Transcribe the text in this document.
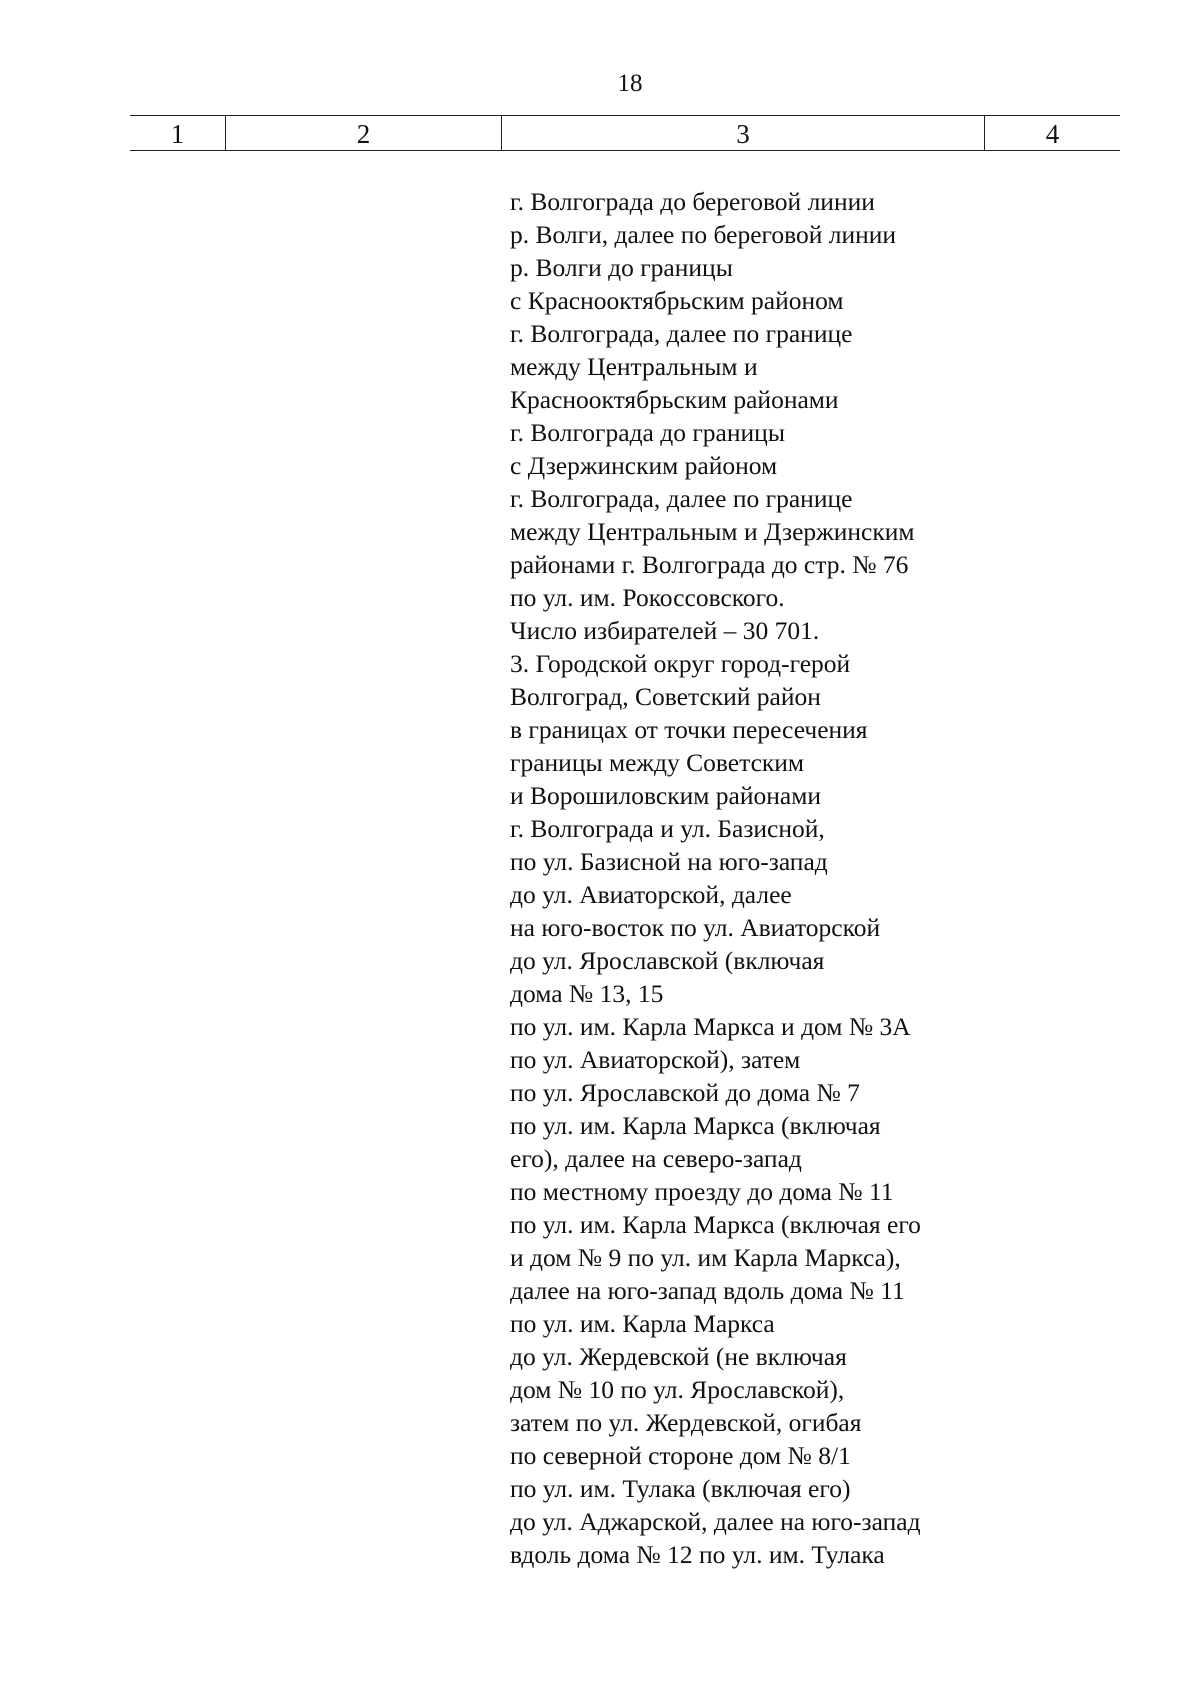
18
1	2	3	4
г. Волгограда до береговой линии
р. Волги, далее по береговой линии
р. Волги до границы
с Краснооктябрьским районом
г. Волгограда, далее по границе
между Центральным и
Краснооктябрьским районами
г. Волгограда до границы
с Дзержинским районом
г. Волгограда, далее по границе
между Центральным и Дзержинским
районами г. Волгограда до стр. № 76
по ул. им. Рокоссовского.
Число избирателей – 30 701.
3. Городской округ город-герой
Волгоград, Советский район
в границах от точки пересечения
границы между Советским
и Ворошиловским районами
г. Волгограда и ул. Базисной,
по ул. Базисной на юго-запад
до ул. Авиаторской, далее
на юго-восток по ул. Авиаторской
до ул. Ярославской (включая
дома № 13, 15
по ул. им. Карла Маркса и дом № 3А
по ул. Авиаторской), затем
по ул. Ярославской до дома № 7
по ул. им. Карла Маркса (включая
его), далее на северо-запад
по местному проезду до дома № 11
по ул. им. Карла Маркса (включая его
и дом № 9 по ул. им Карла Маркса),
далее на юго-запад вдоль дома № 11
по ул. им. Карла Маркса
до ул. Жердевской (не включая
дом № 10 по ул. Ярославской),
затем по ул. Жердевской, огибая
по северной стороне дом № 8/1
по ул. им. Тулака (включая его)
до ул. Аджарской, далее на юго-запад
вдоль дома № 12 по ул. им. Тулака
